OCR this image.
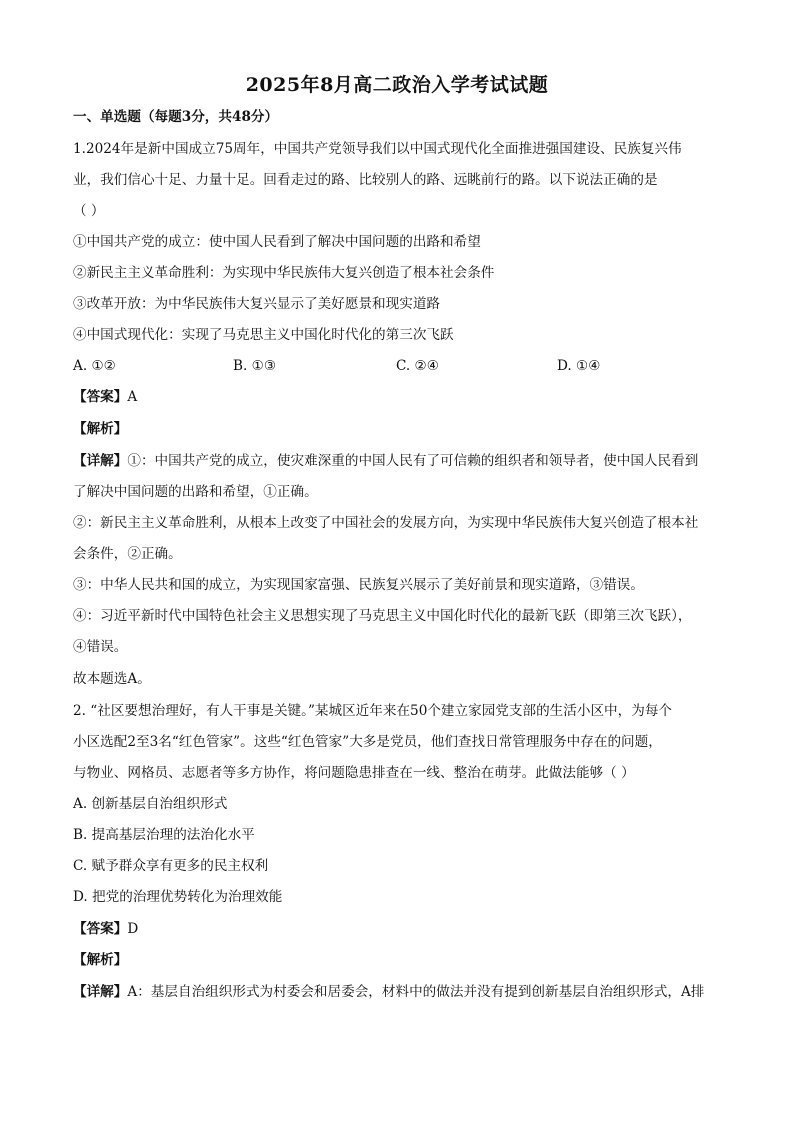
2025年8月高二政治入学考试试题
一、单选题（每题3分，共48分）
1.2024年是新中国成立75周年，中国共产党领导我们以中国式现代化全面推进强国建设、民族复兴伟
业，我们信心十足、力量十足。回看走过的路、比较别人的路、远眺前行的路。以下说法正确的是
（ ）
①中国共产党的成立：使中国人民看到了解决中国问题的出路和希望
②新民主主义革命胜利：为实现中华民族伟大复兴创造了根本社会条件
③改革开放：为中华民族伟大复兴显示了美好愿景和现实道路
④中国式现代化：实现了马克思主义中国化时代化的第三次飞跃
A. ①②	B. ①③	C. ②④	D. ①④
【答案】A
【解析】
【详解】①：中国共产党的成立，使灾难深重的中国人民有了可信赖的组织者和领导者，使中国人民看到
了解决中国问题的出路和希望，①正确。
②：新民主主义革命胜利，从根本上改变了中国社会的发展方向，为实现中华民族伟大复兴创造了根本社
会条件，②正确。
③：中华人民共和国的成立，为实现国家富强、民族复兴展示了美好前景和现实道路，③错误。
④：习近平新时代中国特色社会主义思想实现了马克思主义中国化时代化的最新飞跃（即第三次飞跃），
④错误。
故本题选A。
2. “社区要想治理好，有人干事是关键。”某城区近年来在50个建立家园党支部的生活小区中，为每个
小区选配2至3名“红色管家”。这些“红色管家”大多是党员，他们查找日常管理服务中存在的问题，
与物业、网格员、志愿者等多方协作，将问题隐患排查在一线、整治在萌芽。此做法能够（ ）
A. 创新基层自治组织形式
B. 提高基层治理的法治化水平
C. 赋予群众享有更多的民主权利
D. 把党的治理优势转化为治理效能
【答案】D
【解析】
【详解】A：基层自治组织形式为村委会和居委会，材料中的做法并没有提到创新基层自治组织形式，A排
